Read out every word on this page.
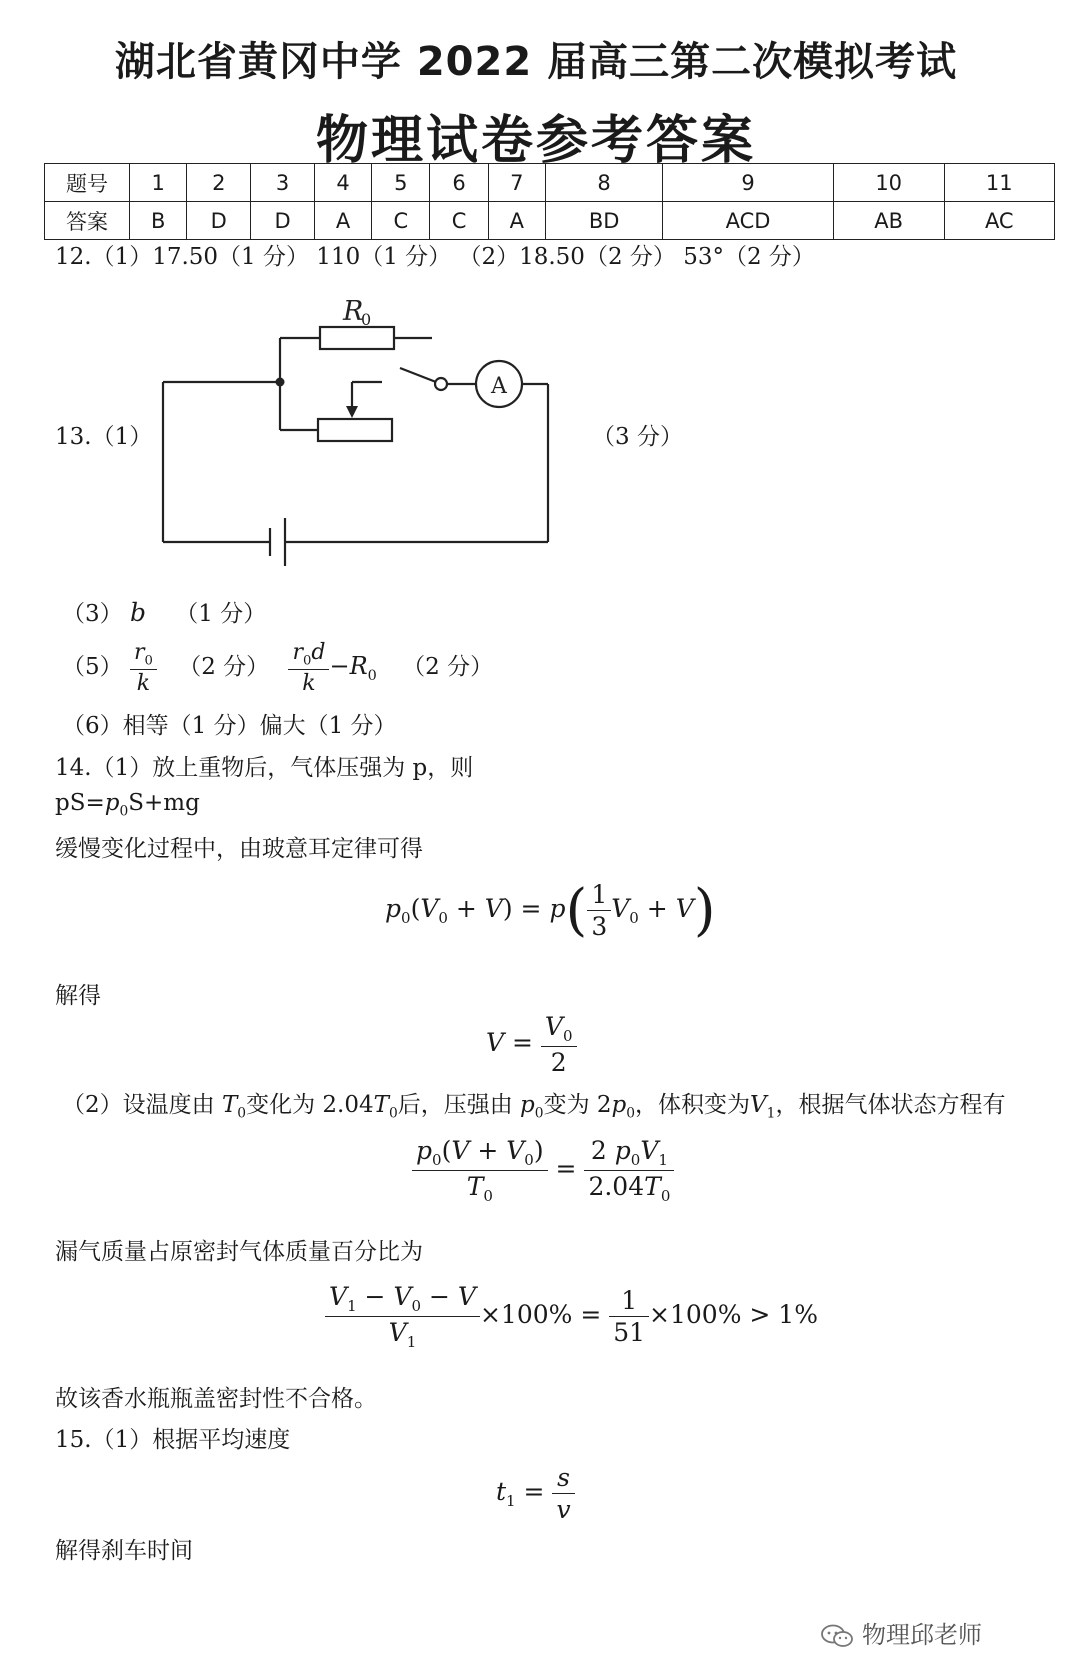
湖北省黄冈中学 2022 届高三第二次模拟考试
物理试卷参考答案
题号	1	2	3	4	5	6	7	8	9	10	11
答案	B	D	D	A	C	C	A	BD	ACD	AB	AC
12.（1）17.50（1 分） 110（1 分） （2）18.50（2 分） 53°（2 分）
13.（1）	（3 分）
R
0
A
（3） b （1 分）
$(5) \frac{r_0}{k} (2$ 分） $\frac{r_0d}{k} -R_0$ （2 分）
（6）相等（1 分）偏大（1 分）
14.（1）放上重物后，气体压强为 p，则
$pS=p_0S+mg$
缓慢变化过程中，由玻意耳定律可得
$p_0(V_0 + V) = p( \frac{1}{3} V_0 + V)$
解得
$V = \frac{V_0}{2}$
（2）设温度由 $T_0$变化为 $2.04T_0$后，压强由 $p_0$变为 $2p_0$，体积变为$V_1$，根据气体状态方程有
$\frac{p_0(V + V_0)}{T_0} = \frac{2 p_0V_1}{2.04T_0}$
漏气质量占原密封气体质量百分比为
$\frac{V_1 - V_0 - V}{V_1} \times 100\% = \frac{1}{51} \times 100\% > 1\%$
故该香水瓶瓶盖密封性不合格。
15.（1）根据平均速度
$t_1 = \frac{s}{v}$
解得刹车时间
物理邱老师
